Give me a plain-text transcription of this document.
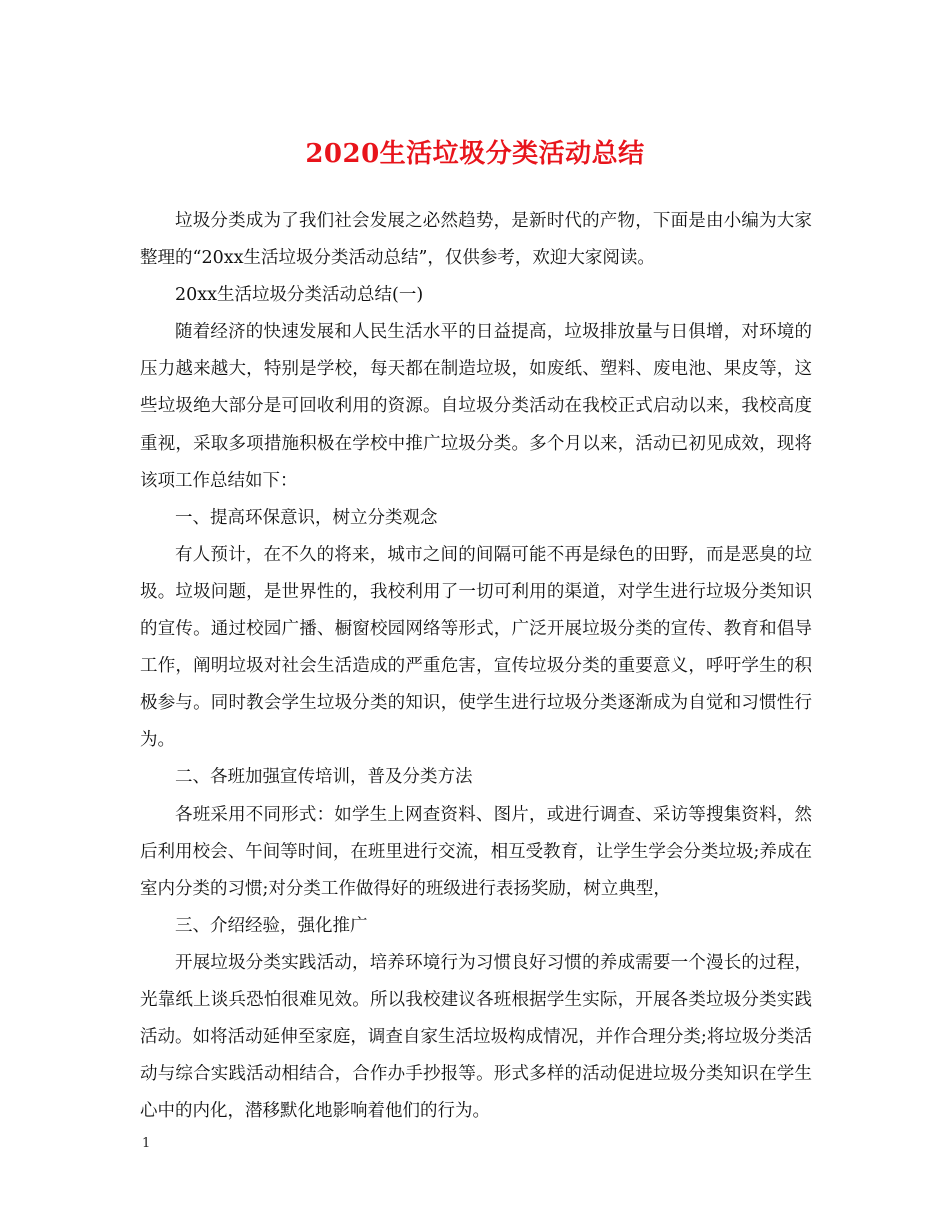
2020生活垃圾分类活动总结

垃圾分类成为了我们社会发展之必然趋势，是新时代的产物，下面是由小编为大家整理的“20xx生活垃圾分类活动总结”，仅供参考，欢迎大家阅读。

20xx生活垃圾分类活动总结(一)

随着经济的快速发展和人民生活水平的日益提高，垃圾排放量与日俱增，对环境的压力越来越大，特别是学校，每天都在制造垃圾，如废纸、塑料、废电池、果皮等，这些垃圾绝大部分是可回收利用的资源。自垃圾分类活动在我校正式启动以来，我校高度重视，采取多项措施积极在学校中推广垃圾分类。多个月以来，活动已初见成效，现将该项工作总结如下：

一、提高环保意识，树立分类观念

有人预计，在不久的将来，城市之间的间隔可能不再是绿色的田野，而是恶臭的垃圾。垃圾问题，是世界性的，我校利用了一切可利用的渠道，对学生进行垃圾分类知识的宣传。通过校园广播、橱窗校园网络等形式，广泛开展垃圾分类的宣传、教育和倡导工作，阐明垃圾对社会生活造成的严重危害，宣传垃圾分类的重要意义，呼吁学生的积极参与。同时教会学生垃圾分类的知识，使学生进行垃圾分类逐渐成为自觉和习惯性行为。

二、各班加强宣传培训，普及分类方法

各班采用不同形式：如学生上网查资料、图片，或进行调查、采访等搜集资料，然后利用校会、午间等时间，在班里进行交流，相互受教育，让学生学会分类垃圾;养成在室内分类的习惯;对分类工作做得好的班级进行表扬奖励，树立典型，

三、介绍经验，强化推广

开展垃圾分类实践活动，培养环境行为习惯良好习惯的养成需要一个漫长的过程，光靠纸上谈兵恐怕很难见效。所以我校建议各班根据学生实际，开展各类垃圾分类实践活动。如将活动延伸至家庭，调查自家生活垃圾构成情况，并作合理分类;将垃圾分类活动与综合实践活动相结合，合作办手抄报等。形式多样的活动促进垃圾分类知识在学生心中的内化，潜移默化地影响着他们的行为。

1
